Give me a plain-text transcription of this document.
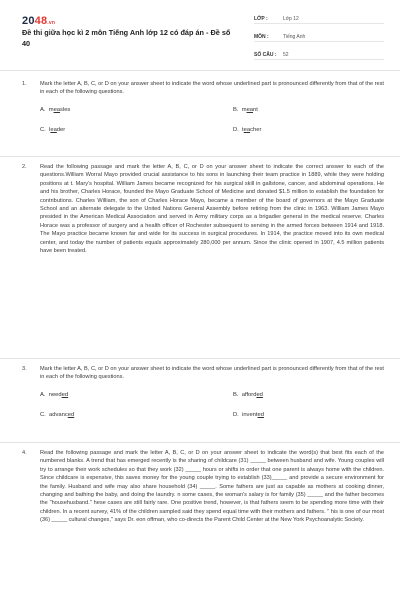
2048.vn
Đề thi giữa học kì 2 môn Tiếng Anh lớp 12 có đáp án - Đề số 40
LỚP :	Lớp 12
MÔN :	Tiếng Anh
SỐ CÂU :	52
1. Mark the letter A, B, C, or D on your answer sheet to indicate the word whose underlined part is pronounced differently from that of the rest in each of the following questions.
A. measles	B. meant
C. leader	D. teacher
2. Read the following passage and mark the letter A, B, C, or D on your answer sheet to indicate the correct answer to each of the questions.William Worral Mayo provided crucial assistance to his sons in launching their team practice in 1889, while they were holding positions at t. Mary's hospital. William James became recognized for his surgical skill in gallstone, cancer, and abdominal operations. He and his brother, Charles Horace, founded the Mayo Graduate School of Medicine and donated $1.5 million to establish the foundation for contributions. Charles William, the son of Charles Horace Mayo, became a member of the board of governors at the Mayo Graduate School and an alternate delegate to the United Nations General Assembly before retiring from the clinic in 1963. William James Mayo presided in the American Medical Association and served in Army military corps as a brigadier general in the medical reserve. Charles Horace was a professor of surgery and a health officer of Rochester subsequent to serving in the armed forces between 1914 and 1918. The Mayo practice became known far and wide for its success in surgical procedures. In 1914, the practice moved into its own medical center, and today the number of patients equals approximately 280,000 per annum. Since the clinic opened in 1907, 4.5 million patients have been treated.
3. Mark the letter A, B, C, or D on your answer sheet to indicate the word whose underlined part is pronounced differently from that of the rest in each of the following questions.
A. needed	B. afforded
C. advanced	D. invented
4. Read the following passage and mark the letter A, B, C, or D on your answer sheet to indicate the word(s) that best fits each of the numbered blanks. A trend that has emerged recently is the sharing of childcare (31) _____ between husband and wife. Young couples will try to arrange their work schedules so that they work (32) _____ hours or shifts in order that one parent is always home with the children. Since childcare is expensive, this saves money for the young couple trying to establish (33)_____ and provide a secure environment for the family. Husband and wife may also share household (34) _____. Some fathers are just as capable as mothers at cooking dinner, changing and bathing the baby, and doing the laundry. n some cases, the woman's salary is for family (35) _____ and the father becomes the "househusband." hese cases are still fairly rare. One positive trend, however, is that fathers seem to be spending more time with their children. In a recent survey, 41% of the children sampled said they spend equal time with their mothers and fathers. " his is one of our most (36) _____ cultural changes," says Dr. eon offman, who co-directs the Parent Child Center at the New York Psychoanalytic Society.
